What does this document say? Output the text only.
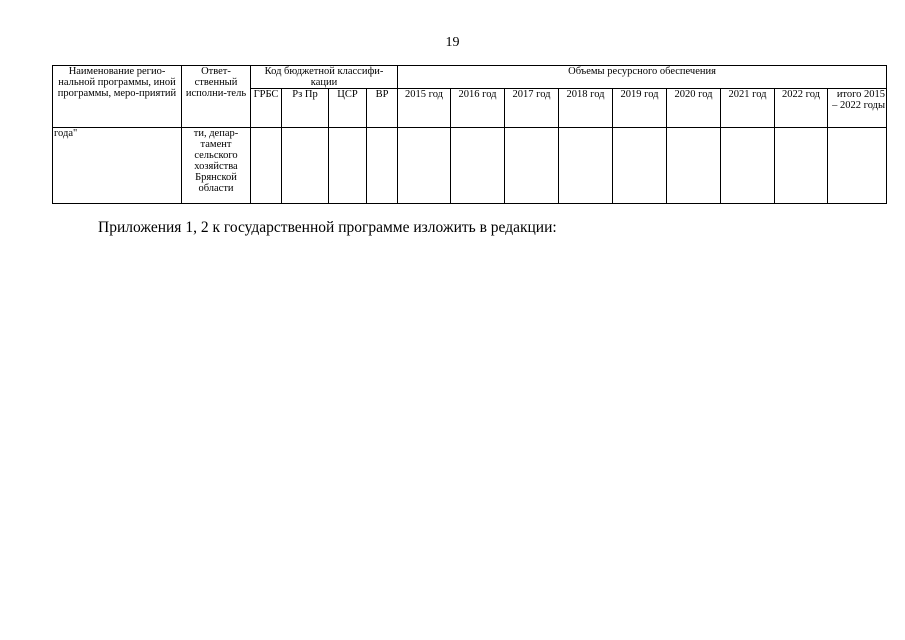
19
Наименование регио-нальной программы, иной программы, меро-приятий	Ответ-ственный исполни-тель	Код бюджетной классифи-кации				Объемы ресурсного обеспечения								
		ГРБС	Рз Пр	ЦСР	ВР	2015 год	2016 год	2017 год	2018 год	2019 год	2020 год	2021 год	2022 год	итого 2015 – 2022 годы
года"	ти, депар-тамент сельского хозяйства Брянской области													
Приложения 1, 2 к государственной программе изложить в редакции:
